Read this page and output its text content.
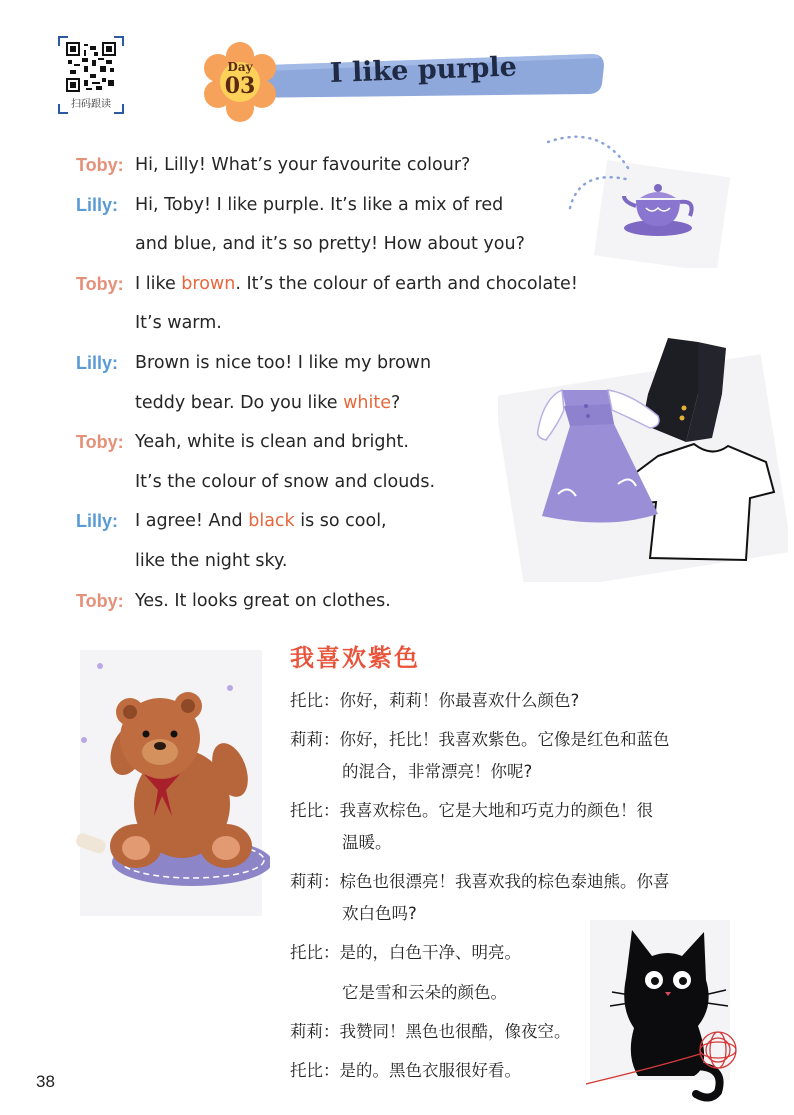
扫码跟读
Day
03	I like purple
Toby: Hi, Lilly! What’s your favourite colour?
Lilly: Hi, Toby! I like purple. It’s like a mix of red
and blue, and it’s so pretty! How about you?
Toby: I like brown. It’s the colour of earth and chocolate!
It’s warm.
Lilly: Brown is nice too! I like my brown
teddy bear. Do you like white?
Toby: Yeah, white is clean and bright.
It’s the colour of snow and clouds.
Lilly: I agree! And black is so cool,
like the night sky.
Toby: Yes. It looks great on clothes.
我喜欢紫色
托比：你好，莉莉！你最喜欢什么颜色?
莉莉：你好，托比！我喜欢紫色。它像是红色和蓝色
的混合，非常漂亮！你呢?
托比：我喜欢棕色。它是大地和巧克力的颜色！很
温暖。
莉莉：棕色也很漂亮！我喜欢我的棕色泰迪熊。你喜
欢白色吗?
托比：是的，白色干净、明亮。
它是雪和云朵的颜色。
莉莉：我赞同！黑色也很酷，像夜空。
托比：是的。黑色衣服很好看。
38
